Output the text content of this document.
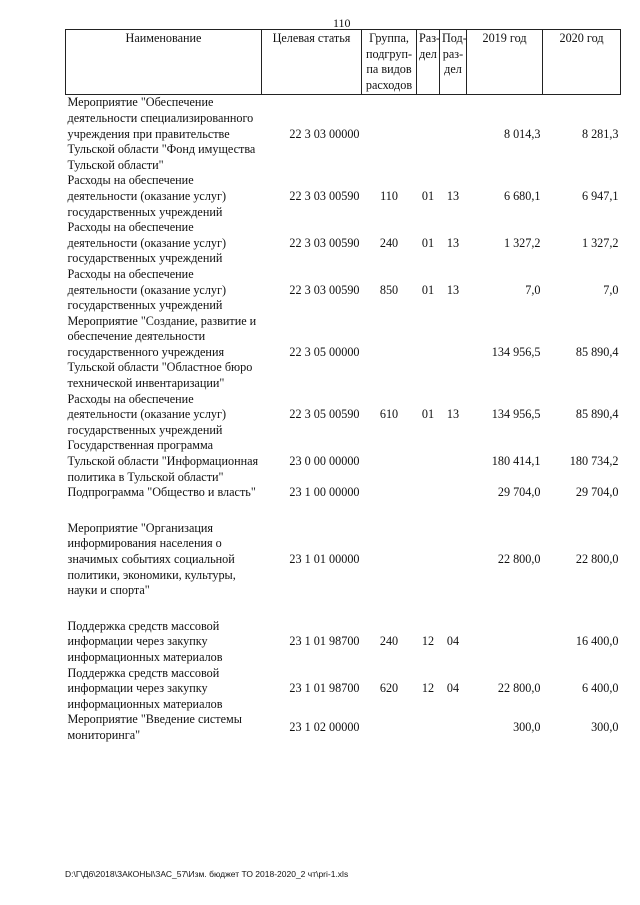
110
Наименование	Целевая статья	Группа, подгруп- па видов расходов	Раз- дел	Под- раз- дел	2019 год	2020 год
Мероприятие "Обеспечение деятельности специализированного учреждения при правительстве Тульской области "Фонд имущества Тульской области"	22 3 03 00000				8 014,3	8 281,3
Расходы на обеспечение деятельности (оказание услуг) государственных учреждений	22 3 03 00590	110	01	13	6 680,1	6 947,1
Расходы на обеспечение деятельности (оказание услуг) государственных учреждений	22 3 03 00590	240	01	13	1 327,2	1 327,2
Расходы на обеспечение деятельности (оказание услуг) государственных учреждений	22 3 03 00590	850	01	13	7,0	7,0
Мероприятие "Создание, развитие и обеспечение деятельности государственного учреждения Тульской области "Областное бюро технической инвентаризации"	22 3 05 00000				134 956,5	85 890,4
Расходы на обеспечение деятельности (оказание услуг) государственных учреждений	22 3 05 00590	610	01	13	134 956,5	85 890,4
Государственная программа Тульской области "Информационная политика в Тульской области"	23 0 00 00000				180 414,1	180 734,2
Подпрограмма "Общество и власть"	23 1 00 00000				29 704,0	29 704,0

Мероприятие "Организация информирования населения о значимых событиях социальной политики, экономики, культуры, науки и спорта"	23 1 01 00000				22 800,0	22 800,0

Поддержка средств массовой информации через закупку информационных материалов	23 1 01 98700	240	12	04		16 400,0
Поддержка средств массовой информации через закупку информационных материалов	23 1 01 98700	620	12	04	22 800,0	6 400,0
Мероприятие "Введение системы мониторинга"	23 1 02 00000				300,0	300,0
D:\Г\Д6\2018\ЗАКОНЫ\ЗАС_57\Изм. бюджет ТО 2018-2020_2 чт\pri-1.xls
